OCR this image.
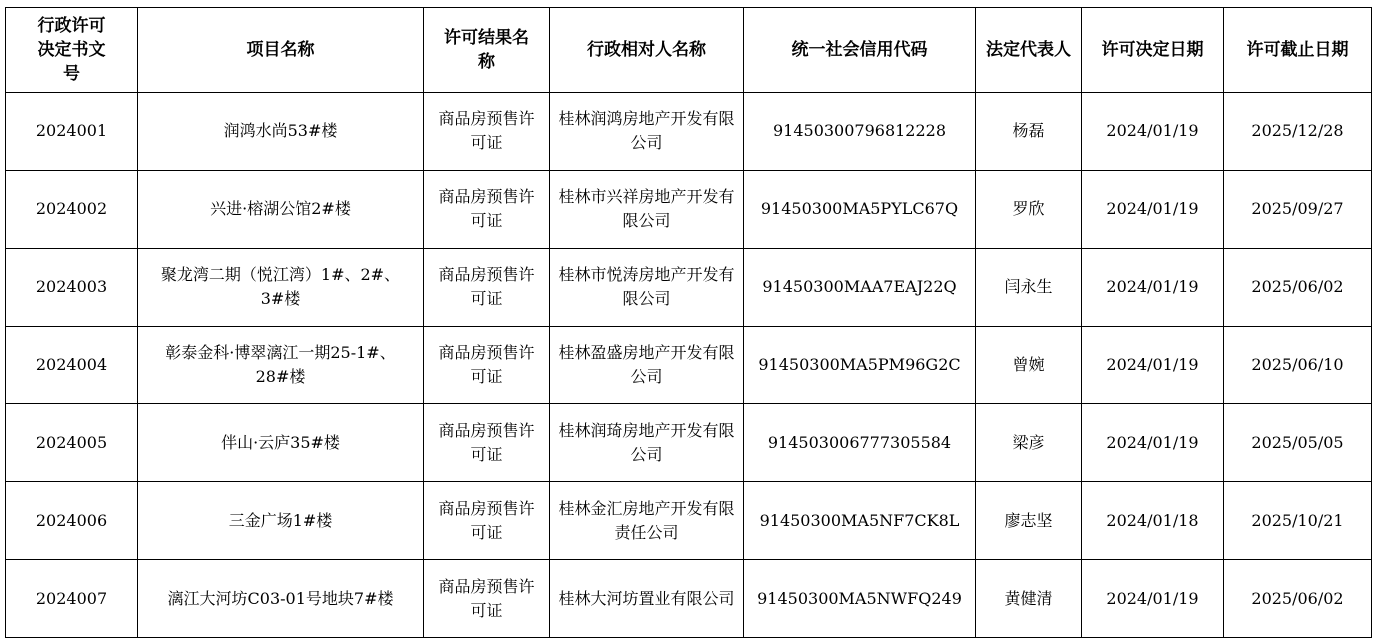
行政许可决定书文号	项目名称	许可结果名称	行政相对人名称	统一社会信用代码	法定代表人	许可决定日期	许可截止日期
2024001	润鸿水尚53#楼	商品房预售许可证	桂林润鸿房地产开发有限公司	91450300796812228	杨磊	2024/01/19	2025/12/28
2024002	兴进·榕湖公馆2#楼	商品房预售许可证	桂林市兴祥房地产开发有限公司	91450300MA5PYLC67Q	罗欣	2024/01/19	2025/09/27
2024003	聚龙湾二期（悦江湾）1#、2#、3#楼	商品房预售许可证	桂林市悦涛房地产开发有限公司	91450300MAA7EAJ22Q	闫永生	2024/01/19	2025/06/02
2024004	彰泰金科·博翠漓江一期25-1#、28#楼	商品房预售许可证	桂林盈盛房地产开发有限公司	91450300MA5PM96G2C	曾婉	2024/01/19	2025/06/10
2024005	伴山·云庐35#楼	商品房预售许可证	桂林润琦房地产开发有限公司	914503006777305584	梁彦	2024/01/19	2025/05/05
2024006	三金广场1#楼	商品房预售许可证	桂林金汇房地产开发有限责任公司	91450300MA5NF7CK8L	廖志坚	2024/01/18	2025/10/21
2024007	漓江大河坊C03-01号地块7#楼	商品房预售许可证	桂林大河坊置业有限公司	91450300MA5NWFQ249	黄健清	2024/01/19	2025/06/02
